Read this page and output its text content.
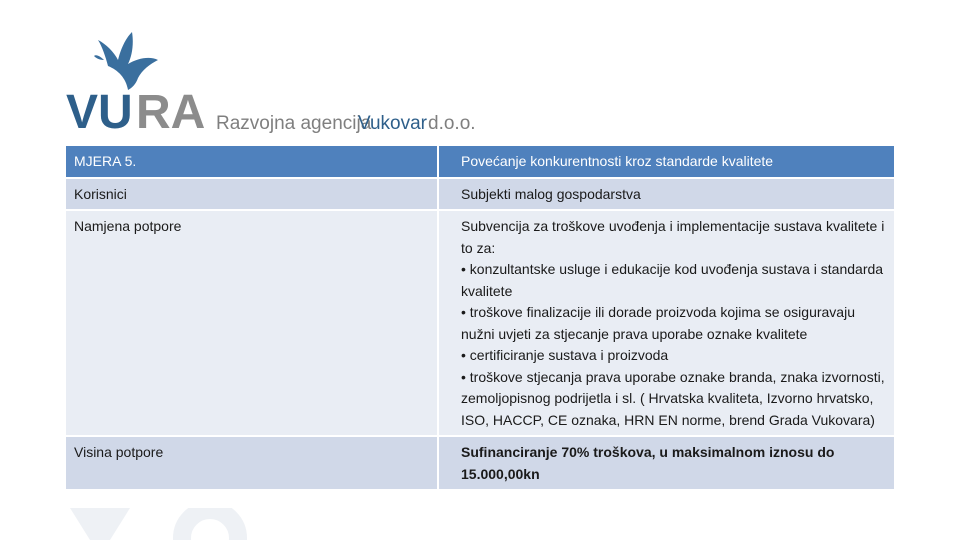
VU RA Razvojna agencija
Vukovar d.o.o.
MJERA 5.	Povećanje konkurentnosti kroz standarde kvalitete
Korisnici	Subjekti malog gospodarstva

Namjena potpore	Subvencija za troškove uvođenja i implementacije sustava kvalitete i to za:
• konzultantske usluge i edukacije kod uvođenja sustava i standarda kvalitete
• troškove finalizacije ili dorade proizvoda kojima se osiguravaju nužni uvjeti za stjecanje prava uporabe oznake kvalitete
• certificiranje sustava i proizvoda
• troškove stjecanja prava uporabe oznake branda, znaka izvornosti, zemoljopisnog podrijetla i sl. ( Hrvatska kvaliteta, Izvorno hrvatsko, ISO, HACCP, CE oznaka, HRN EN norme, brend Grada Vukovara)

Visina potpore	Sufinanciranje 70% troškova, u maksimalnom iznosu do 15.000,00kn
